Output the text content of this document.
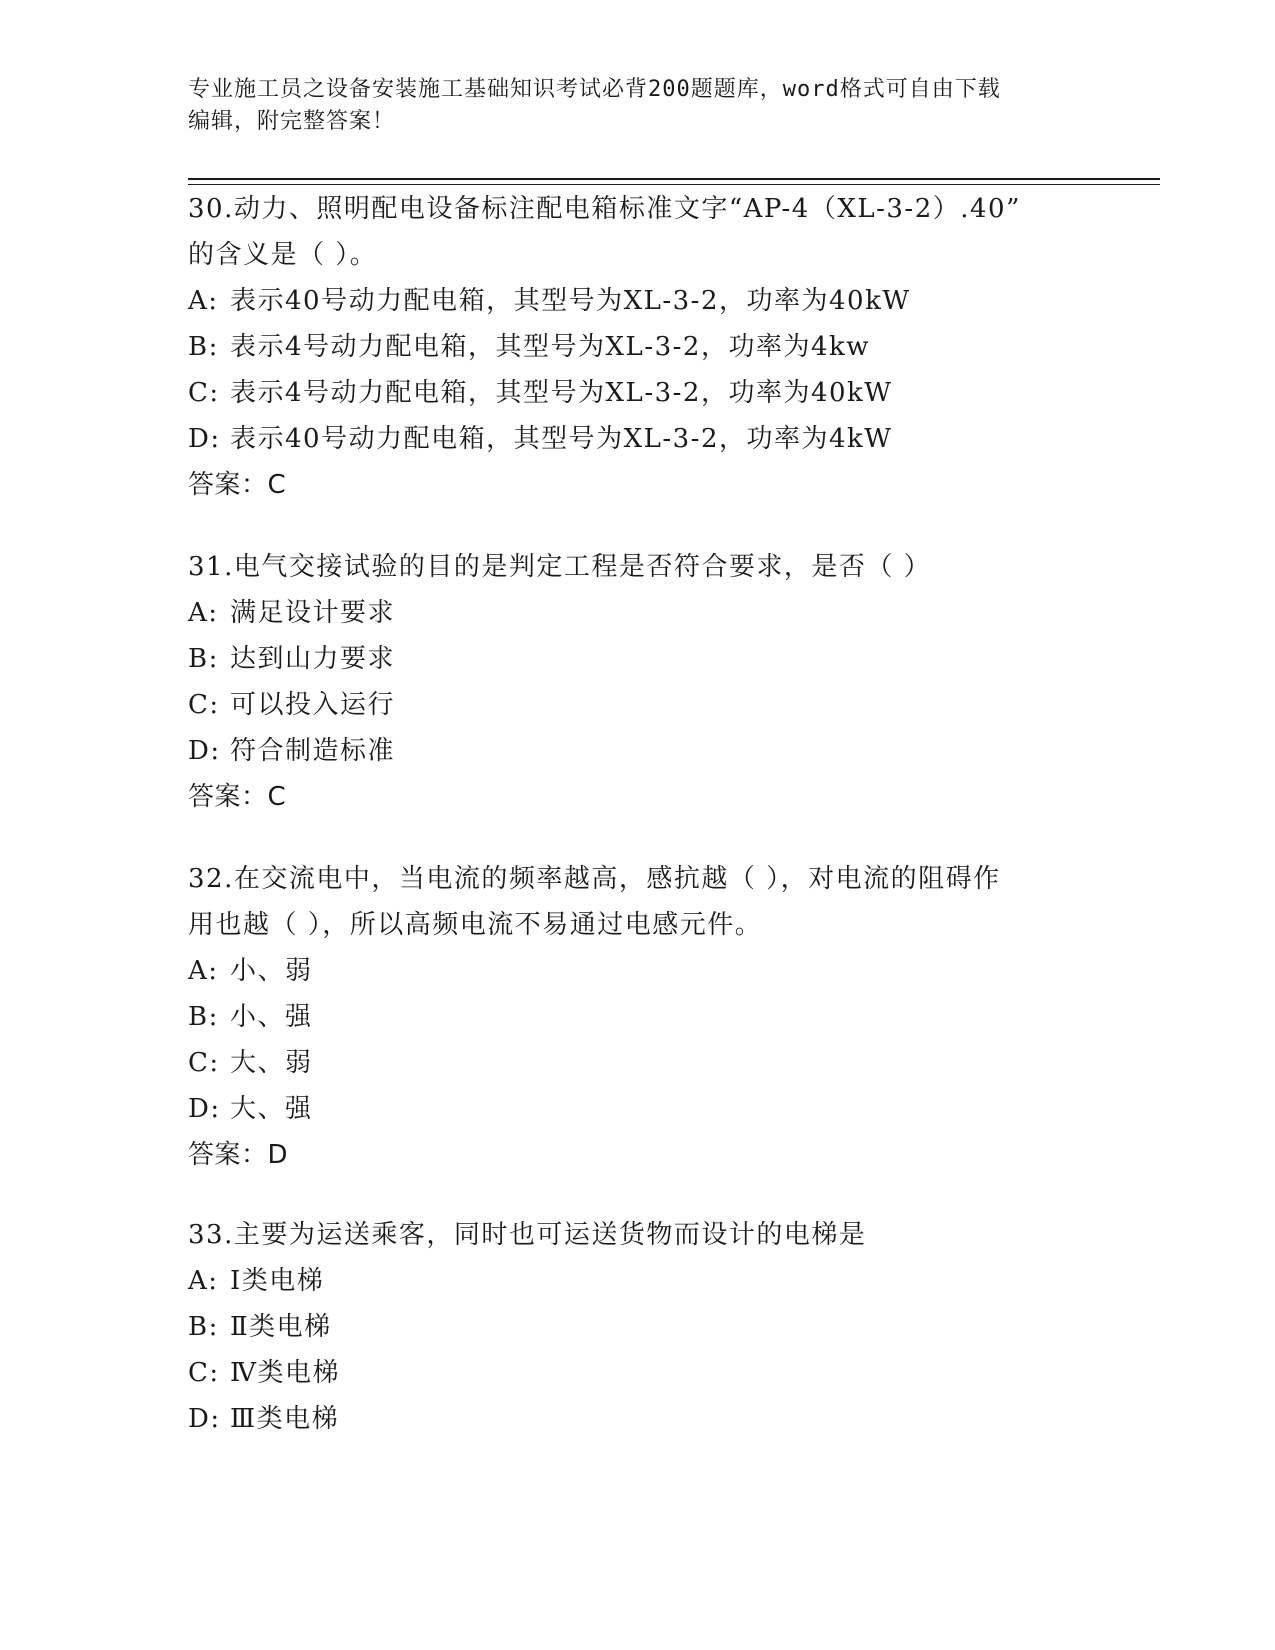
专业施工员之设备安装施工基础知识考试必背200题题库，word格式可自由下载
编辑，附完整答案！
30.动力、照明配电设备标注配电箱标准文字“AP-4（XL-3-2）.40”
的含义是（ ）。
A: 表示40号动力配电箱，其型号为XL-3-2，功率为40kW
B: 表示4号动力配电箱，其型号为XL-3-2，功率为4kw
C: 表示4号动力配电箱，其型号为XL-3-2，功率为40kW
D: 表示40号动力配电箱，其型号为XL-3-2，功率为4kW
答案：C
31.电气交接试验的目的是判定工程是否符合要求，是否（ ）
A: 满足设计要求
B: 达到山力要求
C: 可以投入运行
D: 符合制造标准
答案：C
32.在交流电中，当电流的频率越高，感抗越（ ），对电流的阻碍作
用也越（ ），所以高频电流不易通过电感元件。
A: 小、弱
B: 小、强
C: 大、弱
D: 大、强
答案：D
33.主要为运送乘客，同时也可运送货物而设计的电梯是
A: I类电梯
B: Ⅱ类电梯
C: Ⅳ类电梯
D: Ⅲ类电梯
